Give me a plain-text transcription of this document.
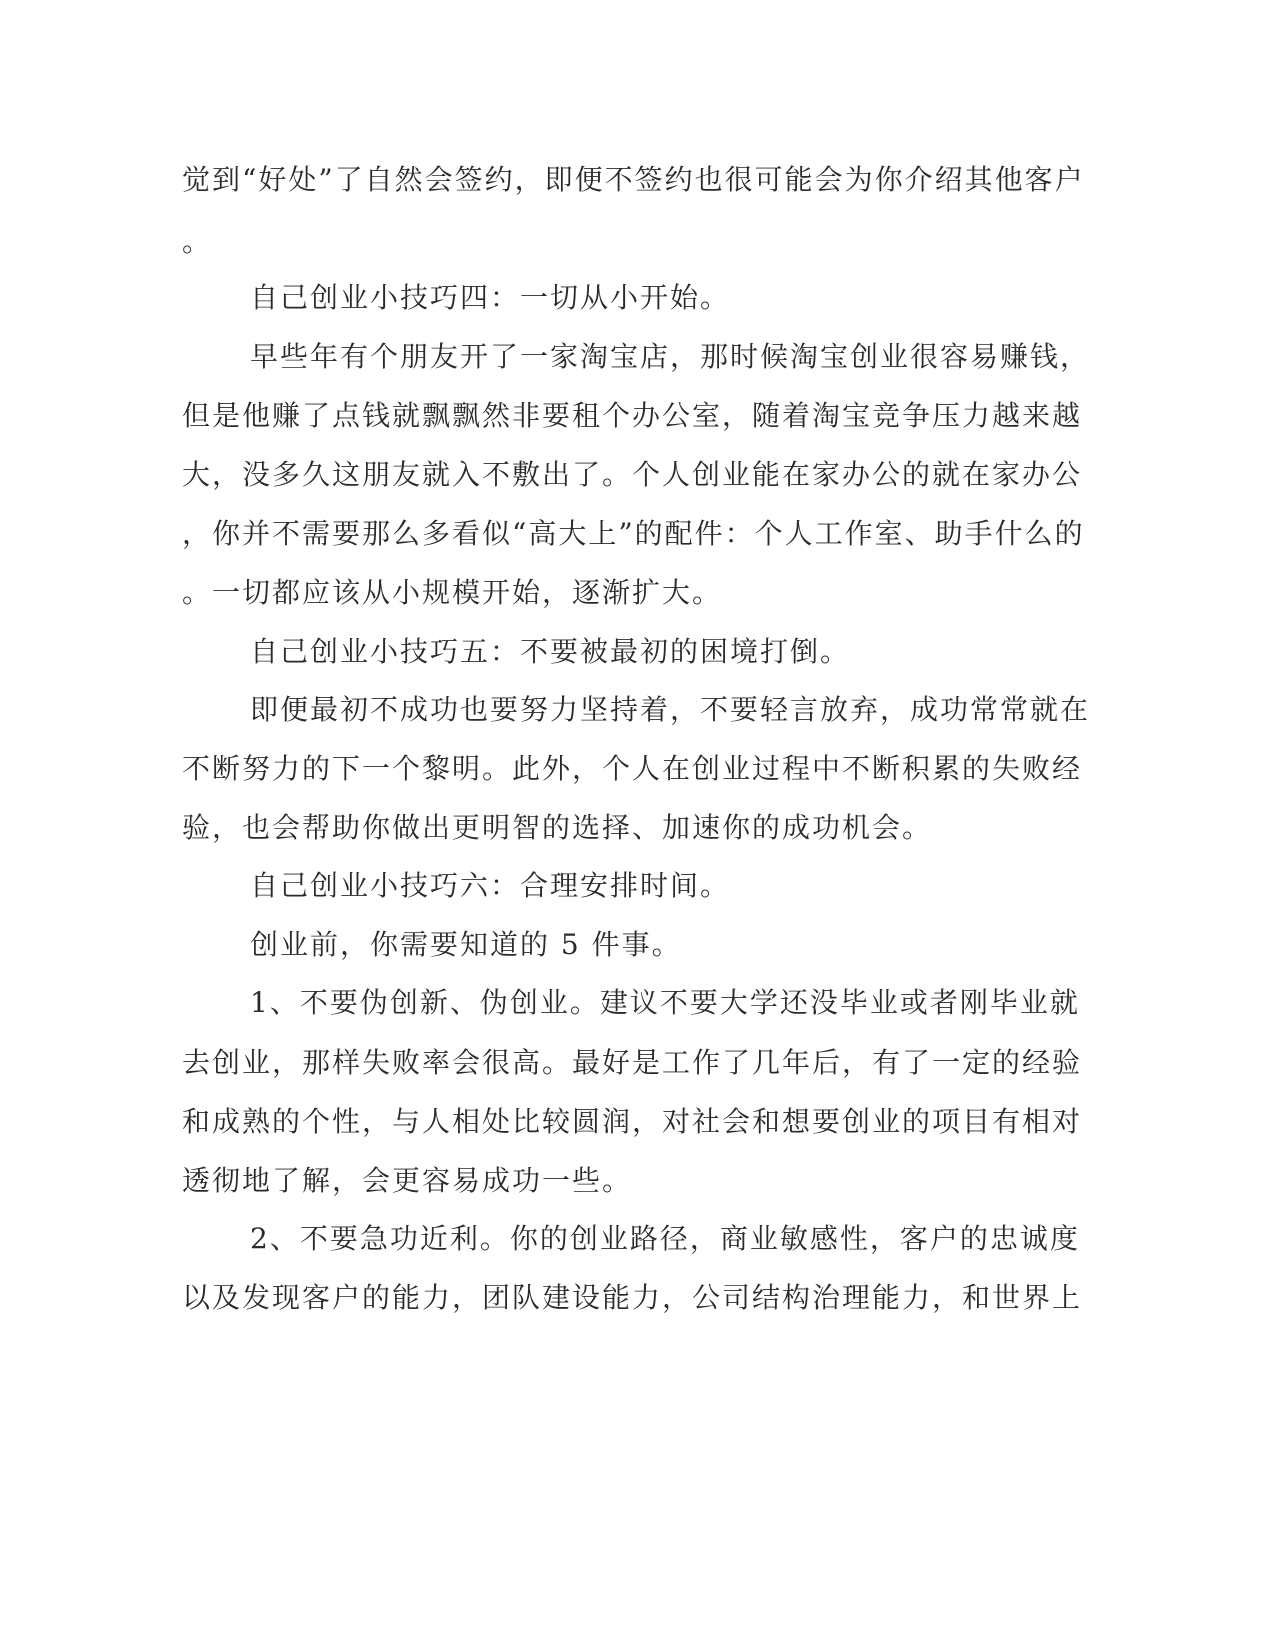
觉到“好处”了自然会签约，即便不签约也很可能会为你介绍其他客户
。
自己创业小技巧四：一切从小开始。
早些年有个朋友开了一家淘宝店，那时候淘宝创业很容易赚钱，
但是他赚了点钱就飘飘然非要租个办公室，随着淘宝竞争压力越来越
大，没多久这朋友就入不敷出了。个人创业能在家办公的就在家办公
，你并不需要那么多看似“高大上”的配件：个人工作室、助手什么的
。一切都应该从小规模开始，逐渐扩大。
自己创业小技巧五：不要被最初的困境打倒。
即便最初不成功也要努力坚持着，不要轻言放弃，成功常常就在
不断努力的下一个黎明。此外，个人在创业过程中不断积累的失败经
验，也会帮助你做出更明智的选择、加速你的成功机会。
自己创业小技巧六：合理安排时间。
创业前，你需要知道的 5 件事。
1、不要伪创新、伪创业。建议不要大学还没毕业或者刚毕业就
去创业，那样失败率会很高。最好是工作了几年后，有了一定的经验
和成熟的个性，与人相处比较圆润，对社会和想要创业的项目有相对
透彻地了解，会更容易成功一些。
2、不要急功近利。你的创业路径，商业敏感性，客户的忠诚度
以及发现客户的能力，团队建设能力，公司结构治理能力，和世界上
